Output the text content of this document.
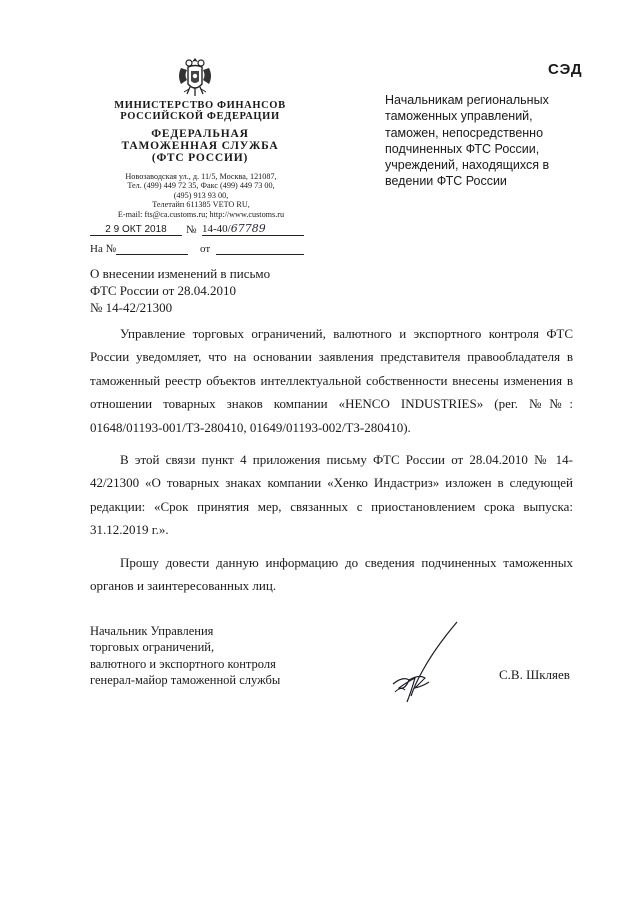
СЭД
МИНИСТЕРСТВО ФИНАНСОВ
РОССИЙСКОЙ ФЕДЕРАЦИИ
ФЕДЕРАЛЬНАЯ
ТАМОЖЕННАЯ СЛУЖБА
(ФТС РОССИИ)
Новозаводская ул., д. 11/5, Москва, 121087,
Тел. (499) 449 72 35, Факс (499) 449 73 00,
(495) 913 93 00,
Телетайп 611385 VETO RU,
E-mail: fts@ca.customs.ru; http://www.customs.ru
2 9 ОКТ 2018	№ 14-40/67789
На №	от
Начальникам региональных
таможенных управлений,
таможен, непосредственно
подчиненных ФТС России,
учреждений, находящихся в
ведении ФТС России
О внесении изменений в письмо
ФТС России от 28.04.2010
№ 14-42/21300

Управление торговых ограничений, валютного и экспортного контроля ФТС России уведомляет, что на основании заявления представителя правообладателя в таможенный реестр объектов интеллектуальной собственности внесены изменения в отношении товарных знаков компании «HENCO INDUSTRIES» (рег. №№: 01648/01193-001/ТЗ-280410, 01649/01193-002/ТЗ-280410).

В этой связи пункт 4 приложения письму ФТС России от 28.04.2010 № 14-42/21300 «О товарных знаках компании «Хенко Индастриз» изложен в следующей редакции: «Срок принятия мер, связанных с приостановлением срока выпуска: 31.12.2019 г.».

Прошу довести данную информацию до сведения подчиненных таможенных органов и заинтересованных лиц.

Начальник Управления
торговых ограничений,
валютного и экспортного контроля
генерал-майор таможенной службы	С.В. Шкляев
